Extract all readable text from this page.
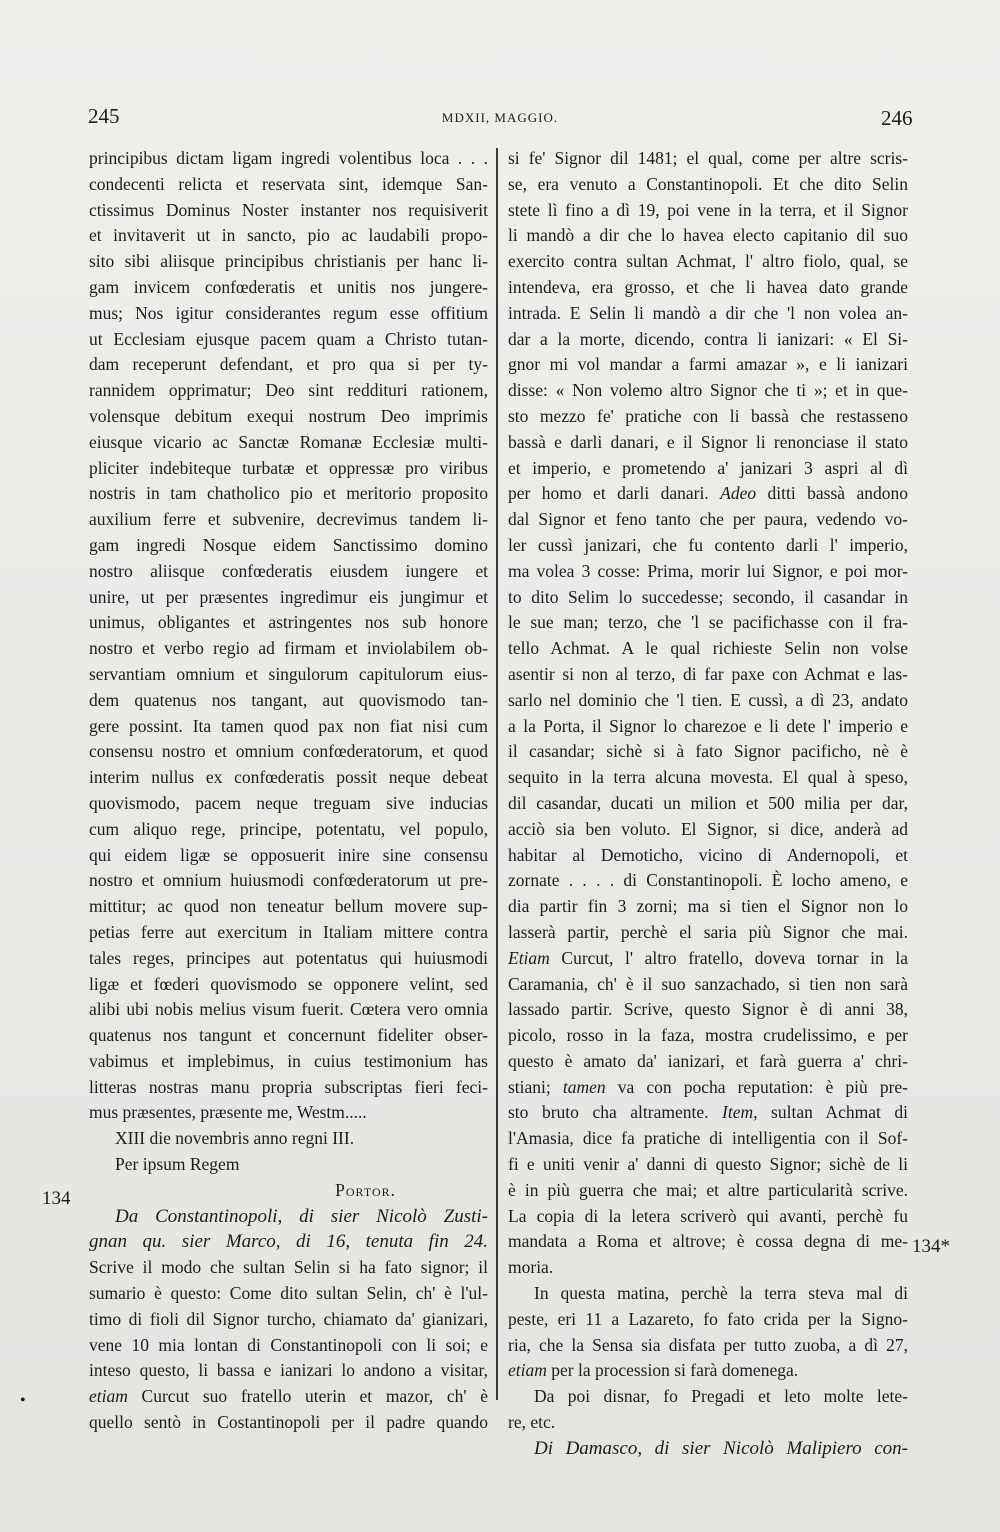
245	MDXII, MAGGIO.	246
134
134*
•
principibus dictam ligam ingredi volentibus loca . . .
condecenti relicta et reservata sint, idemque San-
ctissimus Dominus Noster instanter nos requisiverit
et invitaverit ut in sancto, pio ac laudabili propo-
sito sibi aliisque principibus christianis per hanc li-
gam invicem confœderatis et unitis nos jungere-
mus; Nos igitur considerantes regum esse offitium
ut Ecclesiam ejusque pacem quam a Christo tutan-
dam receperunt defendant, et pro qua si per ty-
rannidem opprimatur; Deo sint reddituri rationem,
volensque debitum exequi nostrum Deo imprimis
eiusque vicario ac Sanctæ Romanæ Ecclesiæ multi-
pliciter indebiteque turbatæ et oppressæ pro viribus
nostris in tam chatholico pio et meritorio proposito
auxilium ferre et subvenire, decrevimus tandem li-
gam ingredi Nosque eidem Sanctissimo domino
nostro aliisque confœderatis eiusdem iungere et
unire, ut per præsentes ingredimur eis jungimur et
unimus, obligantes et astringentes nos sub honore
nostro et verbo regio ad firmam et inviolabilem ob-
servantiam omnium et singulorum capitulorum eius-
dem quatenus nos tangant, aut quovismodo tan-
gere possint. Ita tamen quod pax non fiat nisi cum
consensu nostro et omnium confœderatorum, et quod
interim nullus ex confœderatis possit neque debeat
quovismodo, pacem neque treguam sive inducias
cum aliquo rege, principe, potentatu, vel populo,
qui eidem ligæ se opposuerit inire sine consensu
nostro et omnium huiusmodi confœderatorum ut pre-
mittitur; ac quod non teneatur bellum movere sup-
petias ferre aut exercitum in Italiam mittere contra
tales reges, principes aut potentatus qui huiusmodi
ligæ et fœderi quovismodo se opponere velint, sed
alibi ubi nobis melius visum fuerit. Cœtera vero omnia
quatenus nos tangunt et concernunt fideliter obser-
vabimus et implebimus, in cuius testimonium has
litteras nostras manu propria subscriptas fieri feci-
mus præsentes, præsente me, Westm.....
XIII die novembris anno regni III.
Per ipsum Regem
Portor.
Da Constantinopoli, di sier Nicolò Zusti-
gnan qu. sier Marco, di 16, tenuta fin 24.
Scrive il modo che sultan Selin si ha fato signor; il
sumario è questo: Come dito sultan Selin, ch' è l'ul-
timo di fioli dil Signor turcho, chiamato da' gianizari,
vene 10 mia lontan di Constantinopoli con li soi; e
inteso questo, li bassa e ianizari lo andono a visitar,
etiam Curcut suo fratello uterin et mazor, ch' è
quello sentò in Costantinopoli per il padre quando
si fe' Signor dil 1481; el qual, come per altre scris-
se, era venuto a Constantinopoli. Et che dito Selin
stete lì fino a dì 19, poi vene in la terra, et il Signor
li mandò a dir che lo havea electo capitanio dil suo
exercito contra sultan Achmat, l' altro fiolo, qual, se
intendeva, era grosso, et che li havea dato grande
intrada. E Selin li mandò a dir che 'l non volea an-
dar a la morte, dicendo, contra li ianizari: « El Si-
gnor mi vol mandar a farmi amazar », e li ianizari
disse: « Non volemo altro Signor che ti »; et in que-
sto mezzo fe' pratiche con li bassà che restasseno
bassà e darli danari, e il Signor li renonciase il stato
et imperio, e prometendo a' janizari 3 aspri al dì
per homo et darli danari. Adeo ditti bassà andono
dal Signor et feno tanto che per paura, vedendo vo-
ler cussì janizari, che fu contento darli l' imperio,
ma volea 3 cosse: Prima, morir lui Signor, e poi mor-
to dito Selim lo succedesse; secondo, il casandar in
le sue man; terzo, che 'l se pacifichasse con il fra-
tello Achmat. A le qual richieste Selin non volse
asentir si non al terzo, di far paxe con Achmat e las-
sarlo nel dominio che 'l tien. E cussì, a dì 23, andato
a la Porta, il Signor lo charezoe e li dete l' imperio e
il casandar; sichè si à fato Signor pacificho, nè è
sequito in la terra alcuna movesta. El qual à speso,
dil casandar, ducati un milion et 500 milia per dar,
acciò sia ben voluto. El Signor, si dice, anderà ad
habitar al Demoticho, vicino di Andernopoli, et
zornate . . . . di Constantinopoli. È locho ameno, e
dia partir fin 3 zorni; ma si tien el Signor non lo
lasserà partir, perchè el saria più Signor che mai.
Etiam Curcut, l' altro fratello, doveva tornar in la
Caramania, ch' è il suo sanzachado, si tien non sarà
lassado partir. Scrive, questo Signor è di anni 38,
picolo, rosso in la faza, mostra crudelissimo, e per
questo è amato da' ianizari, et farà guerra a' chri-
stiani; tamen va con pocha reputation: è più pre-
sto bruto cha altramente. Item, sultan Achmat di
l'Amasia, dice fa pratiche di intelligentia con il Sof-
fi e uniti venir a' danni di questo Signor; sichè de li
è in più guerra che mai; et altre particularità scrive.
La copia di la letera scriverò qui avanti, perchè fu
mandata a Roma et altrove; è cossa degna di me-
moria.
In questa matina, perchè la terra steva mal di
peste, eri 11 a Lazareto, fo fato crida per la Signo-
ria, che la Sensa sia disfata per tutto zuoba, a dì 27,
etiam per la procession si farà domenega.
Da poi disnar, fo Pregadi et leto molte lete-
re, etc.
Di Damasco, di sier Nicolò Malipiero con-
